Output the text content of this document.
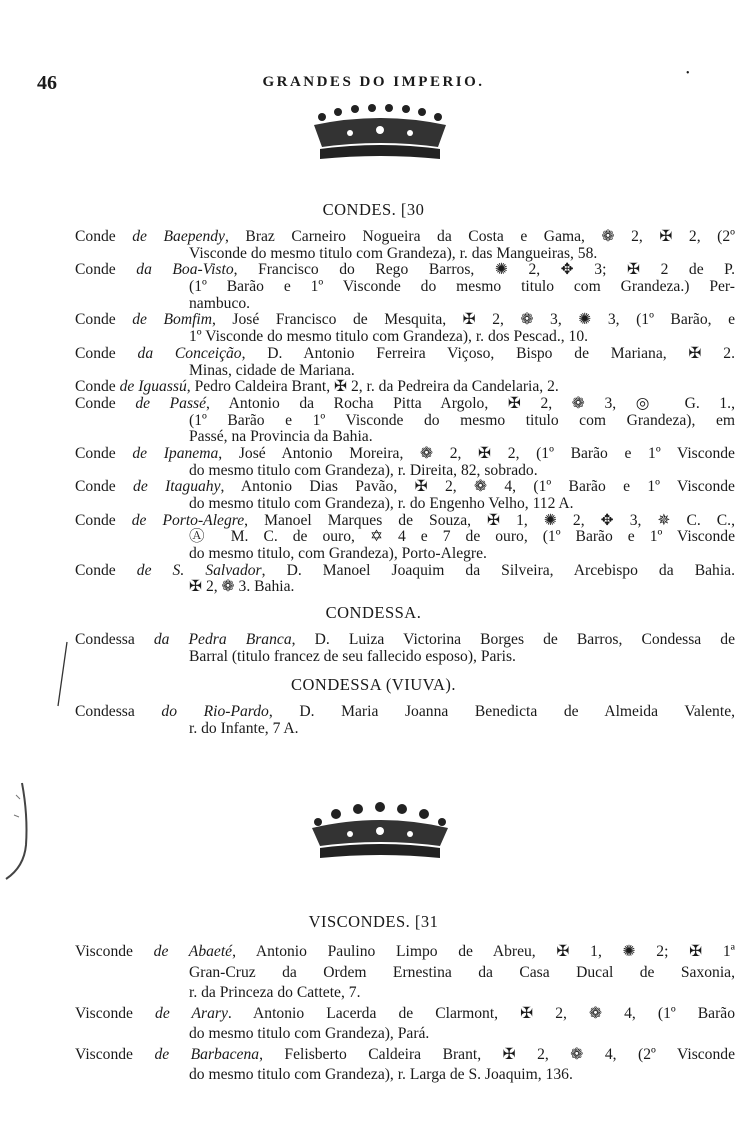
46	GRANDES DO IMPERIO.
•
CONDES. [30
Conde de Baependy, Braz Carneiro Nogueira da Costa e Gama, ❁ 2, ✠ 2, (2º
Visconde do mesmo titulo com Grandeza), r. das Mangueiras, 58.
Conde da Boa-Visto, Francisco do Rego Barros, ✺ 2, ✥ 3; ✠ 2 de P.
(1º Barão e 1º Visconde do mesmo titulo com Grandeza.) Per-
nambuco.
Conde de Bomfim, José Francisco de Mesquita, ✠ 2, ❁ 3, ✺ 3, (1º Barão, e
1º Visconde do mesmo titulo com Grandeza), r. dos Pescad., 10.
Conde da Conceição, D. Antonio Ferreira Viçoso, Bispo de Mariana, ✠ 2.
Minas, cidade de Mariana.
Conde de Iguassú, Pedro Caldeira Brant, ✠ 2, r. da Pedreira da Candelaria, 2.
Conde de Passé, Antonio da Rocha Pitta Argolo, ✠ 2, ❁ 3, ◎ G. 1.,
(1º Barão e 1º Visconde do mesmo titulo com Grandeza), em
Passé, na Provincia da Bahia.
Conde de Ipanema, José Antonio Moreira, ❁ 2, ✠ 2, (1º Barão e 1º Visconde
do mesmo titulo com Grandeza), r. Direita, 82, sobrado.
Conde de Itaguahy, Antonio Dias Pavão, ✠ 2, ❁ 4, (1º Barão e 1º Visconde
do mesmo titulo com Grandeza), r. do Engenho Velho, 112 A.
Conde de Porto-Alegre, Manoel Marques de Souza, ✠ 1, ✺ 2, ✥ 3, ✵ C. C.,
Ⓐ M. C. de ouro, ✡ 4 e 7 de ouro, (1º Barão e 1º Visconde
do mesmo titulo, com Grandeza), Porto-Alegre.
Conde de S. Salvador, D. Manoel Joaquim da Silveira, Arcebispo da Bahia.
✠ 2, ❁ 3. Bahia.
CONDESSA.
Condessa da Pedra Branca, D. Luiza Victorina Borges de Barros, Condessa de
Barral (titulo francez de seu fallecido esposo), Paris.
CONDESSA (VIUVA).
Condessa do Rio-Pardo, D. Maria Joanna Benedicta de Almeida Valente,
r. do Infante, 7 A.
VISCONDES. [31
Visconde de Abaeté, Antonio Paulino Limpo de Abreu, ✠ 1, ✺ 2; ✠ 1ª
Gran-Cruz da Ordem Ernestina da Casa Ducal de Saxonia,
r. da Princeza do Cattete, 7.
Visconde de Arary. Antonio Lacerda de Clarmont, ✠ 2, ❁ 4, (1º Barão
do mesmo titulo com Grandeza), Pará.
Visconde de Barbacena, Felisberto Caldeira Brant, ✠ 2, ❁ 4, (2º Visconde
do mesmo titulo com Grandeza), r. Larga de S. Joaquim, 136.
